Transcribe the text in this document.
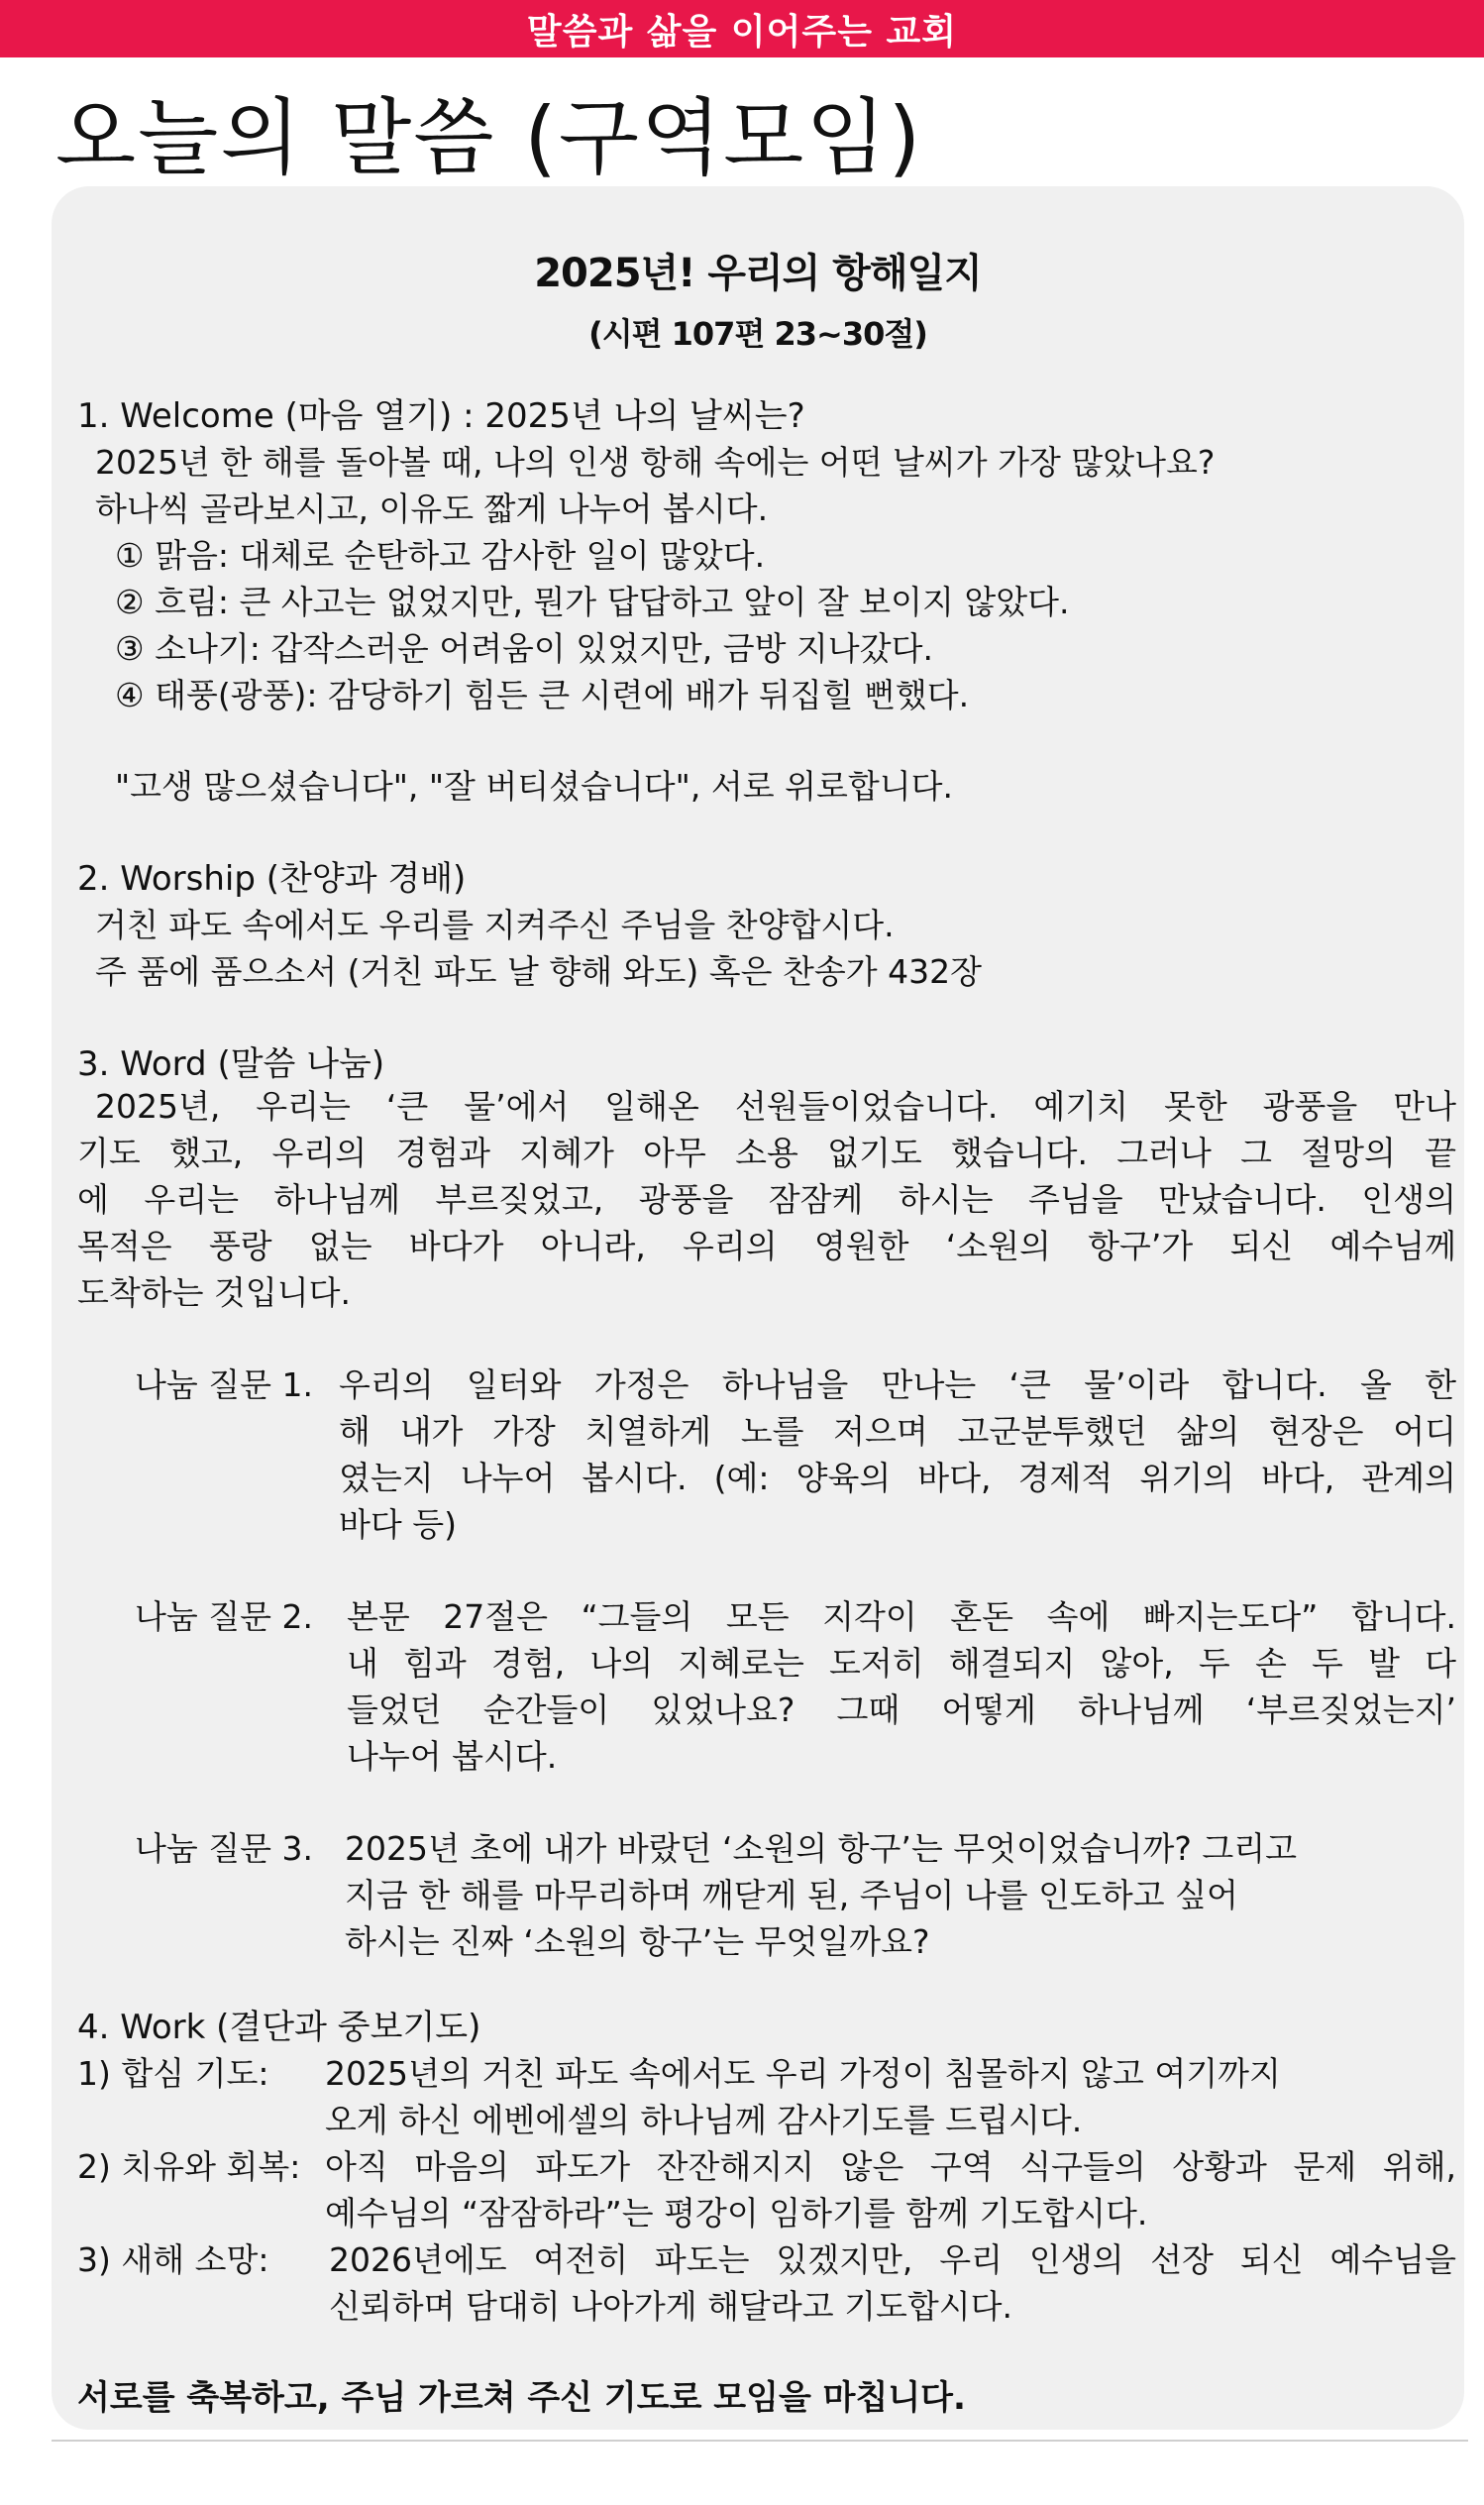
말씀과 삶을 이어주는 교회
오늘의 말씀 (구역모임)
2025년! 우리의 항해일지
(시편 107편 23~30절)
1. Welcome (마음 열기) : 2025년 나의 날씨는?
2025년 한 해를 돌아볼 때, 나의 인생 항해 속에는 어떤 날씨가 가장 많았나요?
하나씩 골라보시고, 이유도 짧게 나누어 봅시다.
① 맑음: 대체로 순탄하고 감사한 일이 많았다.
② 흐림: 큰 사고는 없었지만, 뭔가 답답하고 앞이 잘 보이지 않았다.
③ 소나기: 갑작스러운 어려움이 있었지만, 금방 지나갔다.
④ 태풍(광풍): 감당하기 힘든 큰 시련에 배가 뒤집힐 뻔했다.
"고생 많으셨습니다", "잘 버티셨습니다", 서로 위로합니다.
2. Worship (찬양과 경배)
거친 파도 속에서도 우리를 지켜주신 주님을 찬양합시다.
주 품에 품으소서 (거친 파도 날 향해 와도) 혹은 찬송가 432장
3. Word (말씀 나눔)
2025년, 우리는 ‘큰 물’에서 일해온 선원들이었습니다. 예기치 못한 광풍을 만나
기도 했고, 우리의 경험과 지혜가 아무 소용 없기도 했습니다. 그러나 그 절망의 끝
에 우리는 하나님께 부르짖었고, 광풍을 잠잠케 하시는 주님을 만났습니다. 인생의
목적은 풍랑 없는 바다가 아니라, 우리의 영원한 ‘소원의 항구’가 되신 예수님께
도착하는 것입니다.
나눔 질문 1. 우리의 일터와 가정은 하나님을 만나는 ‘큰 물’이라 합니다. 올 한
해 내가 가장 치열하게 노를 저으며 고군분투했던 삶의 현장은 어디
였는지 나누어 봅시다. (예: 양육의 바다, 경제적 위기의 바다, 관계의
바다 등)
나눔 질문 2. 본문 27절은 “그들의 모든 지각이 혼돈 속에 빠지는도다” 합니다.
내 힘과 경험, 나의 지혜로는 도저히 해결되지 않아, 두 손 두 발 다
들었던 순간들이 있었나요? 그때 어떻게 하나님께 ‘부르짖었는지’
나누어 봅시다.
나눔 질문 3. 2025년 초에 내가 바랐던 ‘소원의 항구’는 무엇이었습니까? 그리고
지금 한 해를 마무리하며 깨닫게 된, 주님이 나를 인도하고 싶어
하시는 진짜 ‘소원의 항구’는 무엇일까요?
4. Work (결단과 중보기도)
1) 합심 기도: 2025년의 거친 파도 속에서도 우리 가정이 침몰하지 않고 여기까지
오게 하신 에벤에셀의 하나님께 감사기도를 드립시다.
2) 치유와 회복: 아직 마음의 파도가 잔잔해지지 않은 구역 식구들의 상황과 문제 위해,
예수님의 “잠잠하라”는 평강이 임하기를 함께 기도합시다.
3) 새해 소망: 2026년에도 여전히 파도는 있겠지만, 우리 인생의 선장 되신 예수님을
신뢰하며 담대히 나아가게 해달라고 기도합시다.
서로를 축복하고, 주님 가르쳐 주신 기도로 모임을 마칩니다.
